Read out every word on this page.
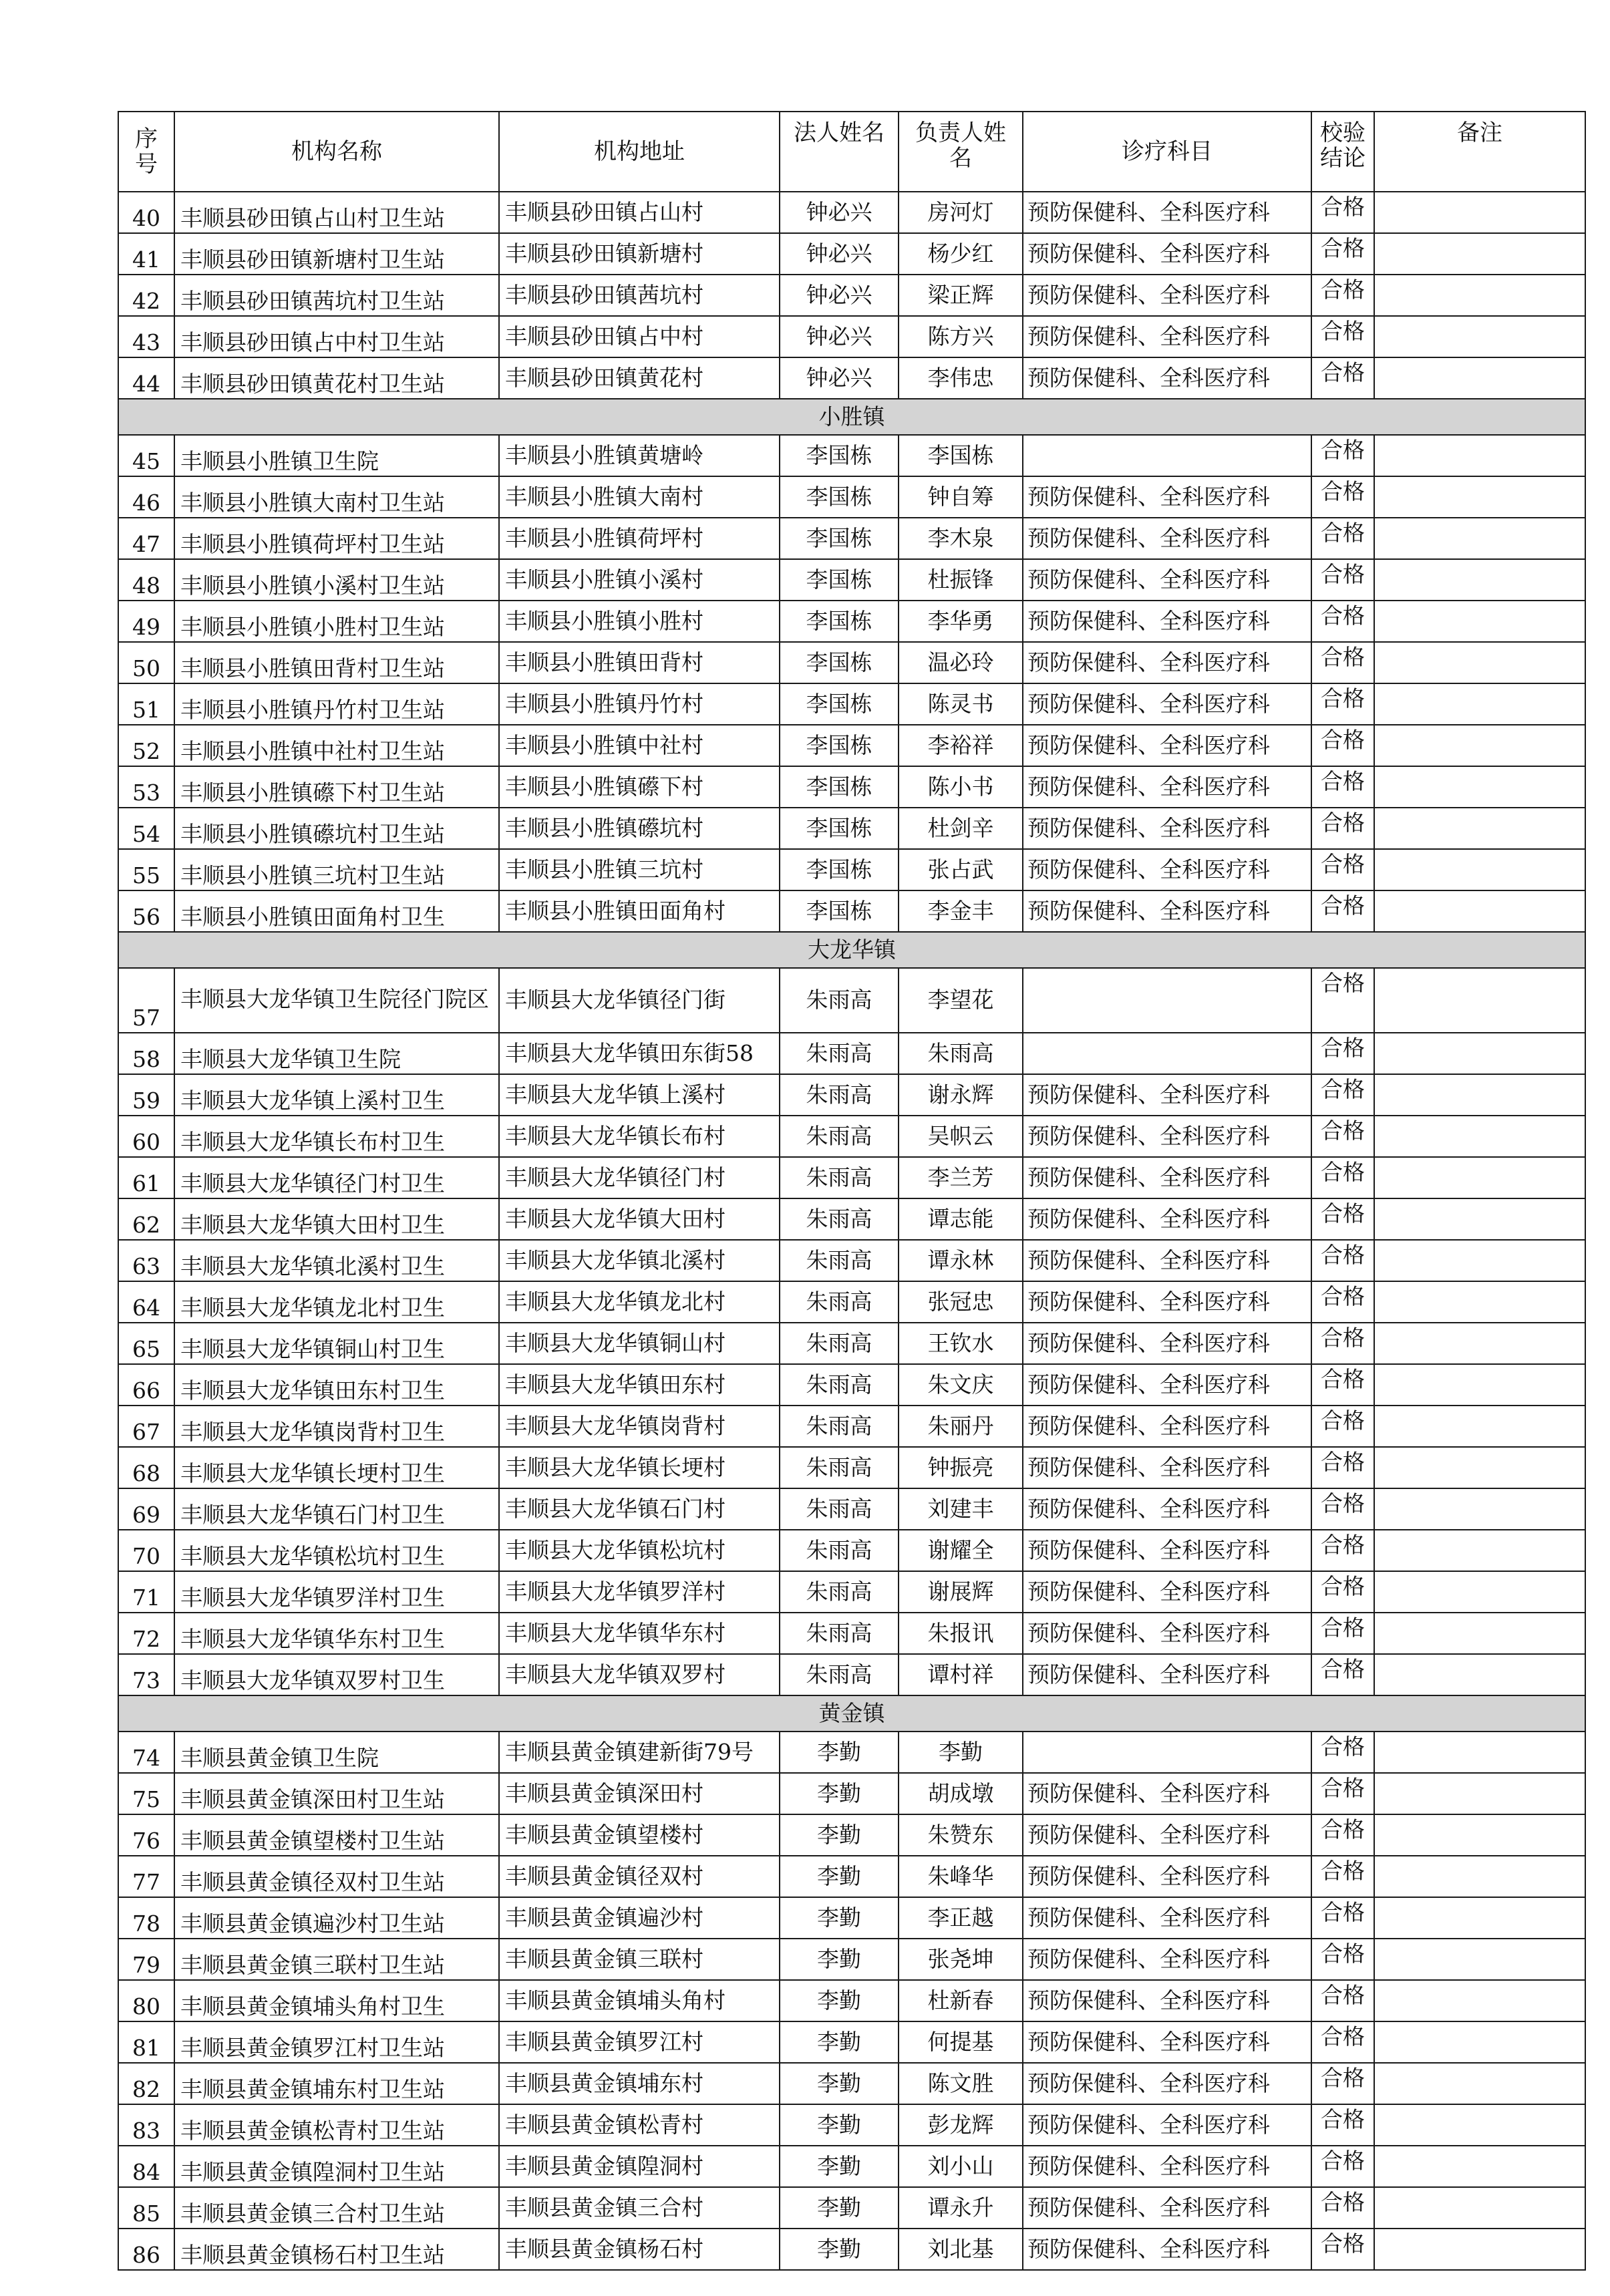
序号	机构名称	机构地址	法人姓名	负责人姓名	诊疗科目	校验结论	备注
40	丰顺县砂田镇占山村卫生站	丰顺县砂田镇占山村	钟必兴	房河灯	预防保健科、全科医疗科	合格	
41	丰顺县砂田镇新塘村卫生站	丰顺县砂田镇新塘村	钟必兴	杨少红	预防保健科、全科医疗科	合格	
42	丰顺县砂田镇茜坑村卫生站	丰顺县砂田镇茜坑村	钟必兴	梁正辉	预防保健科、全科医疗科	合格	
43	丰顺县砂田镇占中村卫生站	丰顺县砂田镇占中村	钟必兴	陈方兴	预防保健科、全科医疗科	合格	
44	丰顺县砂田镇黄花村卫生站	丰顺县砂田镇黄花村	钟必兴	李伟忠	预防保健科、全科医疗科	合格	
小胜镇							
45	丰顺县小胜镇卫生院	丰顺县小胜镇黄塘岭	李国栋	李国栋		合格	
46	丰顺县小胜镇大南村卫生站	丰顺县小胜镇大南村	李国栋	钟自筹	预防保健科、全科医疗科	合格	
47	丰顺县小胜镇荷坪村卫生站	丰顺县小胜镇荷坪村	李国栋	李木泉	预防保健科、全科医疗科	合格	
48	丰顺县小胜镇小溪村卫生站	丰顺县小胜镇小溪村	李国栋	杜振锋	预防保健科、全科医疗科	合格	
49	丰顺县小胜镇小胜村卫生站	丰顺县小胜镇小胜村	李国栋	李华勇	预防保健科、全科医疗科	合格	
50	丰顺县小胜镇田背村卫生站	丰顺县小胜镇田背村	李国栋	温必玲	预防保健科、全科医疗科	合格	
51	丰顺县小胜镇丹竹村卫生站	丰顺县小胜镇丹竹村	李国栋	陈灵书	预防保健科、全科医疗科	合格	
52	丰顺县小胜镇中社村卫生站	丰顺县小胜镇中社村	李国栋	李裕祥	预防保健科、全科医疗科	合格	
53	丰顺县小胜镇礤下村卫生站	丰顺县小胜镇礤下村	李国栋	陈小书	预防保健科、全科医疗科	合格	
54	丰顺县小胜镇礤坑村卫生站	丰顺县小胜镇礤坑村	李国栋	杜剑辛	预防保健科、全科医疗科	合格	
55	丰顺县小胜镇三坑村卫生站	丰顺县小胜镇三坑村	李国栋	张占武	预防保健科、全科医疗科	合格	
56	丰顺县小胜镇田面角村卫生	丰顺县小胜镇田面角村	李国栋	李金丰	预防保健科、全科医疗科	合格	
大龙华镇							
57	丰顺县大龙华镇卫生院径门院区	丰顺县大龙华镇径门街	朱雨高	李望花		合格	
58	丰顺县大龙华镇卫生院	丰顺县大龙华镇田东街58	朱雨高	朱雨高		合格	
59	丰顺县大龙华镇上溪村卫生	丰顺县大龙华镇上溪村	朱雨高	谢永辉	预防保健科、全科医疗科	合格	
60	丰顺县大龙华镇长布村卫生	丰顺县大龙华镇长布村	朱雨高	吴帜云	预防保健科、全科医疗科	合格	
61	丰顺县大龙华镇径门村卫生	丰顺县大龙华镇径门村	朱雨高	李兰芳	预防保健科、全科医疗科	合格	
62	丰顺县大龙华镇大田村卫生	丰顺县大龙华镇大田村	朱雨高	谭志能	预防保健科、全科医疗科	合格	
63	丰顺县大龙华镇北溪村卫生	丰顺县大龙华镇北溪村	朱雨高	谭永林	预防保健科、全科医疗科	合格	
64	丰顺县大龙华镇龙北村卫生	丰顺县大龙华镇龙北村	朱雨高	张冠忠	预防保健科、全科医疗科	合格	
65	丰顺县大龙华镇铜山村卫生	丰顺县大龙华镇铜山村	朱雨高	王钦水	预防保健科、全科医疗科	合格	
66	丰顺县大龙华镇田东村卫生	丰顺县大龙华镇田东村	朱雨高	朱文庆	预防保健科、全科医疗科	合格	
67	丰顺县大龙华镇岗背村卫生	丰顺县大龙华镇岗背村	朱雨高	朱丽丹	预防保健科、全科医疗科	合格	
68	丰顺县大龙华镇长埂村卫生	丰顺县大龙华镇长埂村	朱雨高	钟振亮	预防保健科、全科医疗科	合格	
69	丰顺县大龙华镇石门村卫生	丰顺县大龙华镇石门村	朱雨高	刘建丰	预防保健科、全科医疗科	合格	
70	丰顺县大龙华镇松坑村卫生	丰顺县大龙华镇松坑村	朱雨高	谢耀全	预防保健科、全科医疗科	合格	
71	丰顺县大龙华镇罗洋村卫生	丰顺县大龙华镇罗洋村	朱雨高	谢展辉	预防保健科、全科医疗科	合格	
72	丰顺县大龙华镇华东村卫生	丰顺县大龙华镇华东村	朱雨高	朱报讯	预防保健科、全科医疗科	合格	
73	丰顺县大龙华镇双罗村卫生	丰顺县大龙华镇双罗村	朱雨高	谭村祥	预防保健科、全科医疗科	合格	
黄金镇							
74	丰顺县黄金镇卫生院	丰顺县黄金镇建新街79号	李勤	李勤		合格	
75	丰顺县黄金镇深田村卫生站	丰顺县黄金镇深田村	李勤	胡成墩	预防保健科、全科医疗科	合格	
76	丰顺县黄金镇望楼村卫生站	丰顺县黄金镇望楼村	李勤	朱赞东	预防保健科、全科医疗科	合格	
77	丰顺县黄金镇径双村卫生站	丰顺县黄金镇径双村	李勤	朱峰华	预防保健科、全科医疗科	合格	
78	丰顺县黄金镇遍沙村卫生站	丰顺县黄金镇遍沙村	李勤	李正越	预防保健科、全科医疗科	合格	
79	丰顺县黄金镇三联村卫生站	丰顺县黄金镇三联村	李勤	张尧坤	预防保健科、全科医疗科	合格	
80	丰顺县黄金镇埔头角村卫生	丰顺县黄金镇埔头角村	李勤	杜新春	预防保健科、全科医疗科	合格	
81	丰顺县黄金镇罗江村卫生站	丰顺县黄金镇罗江村	李勤	何提基	预防保健科、全科医疗科	合格	
82	丰顺县黄金镇埔东村卫生站	丰顺县黄金镇埔东村	李勤	陈文胜	预防保健科、全科医疗科	合格	
83	丰顺县黄金镇松青村卫生站	丰顺县黄金镇松青村	李勤	彭龙辉	预防保健科、全科医疗科	合格	
84	丰顺县黄金镇隍洞村卫生站	丰顺县黄金镇隍洞村	李勤	刘小山	预防保健科、全科医疗科	合格	
85	丰顺县黄金镇三合村卫生站	丰顺县黄金镇三合村	李勤	谭永升	预防保健科、全科医疗科	合格	
86	丰顺县黄金镇杨石村卫生站	丰顺县黄金镇杨石村	李勤	刘北基	预防保健科、全科医疗科	合格	
